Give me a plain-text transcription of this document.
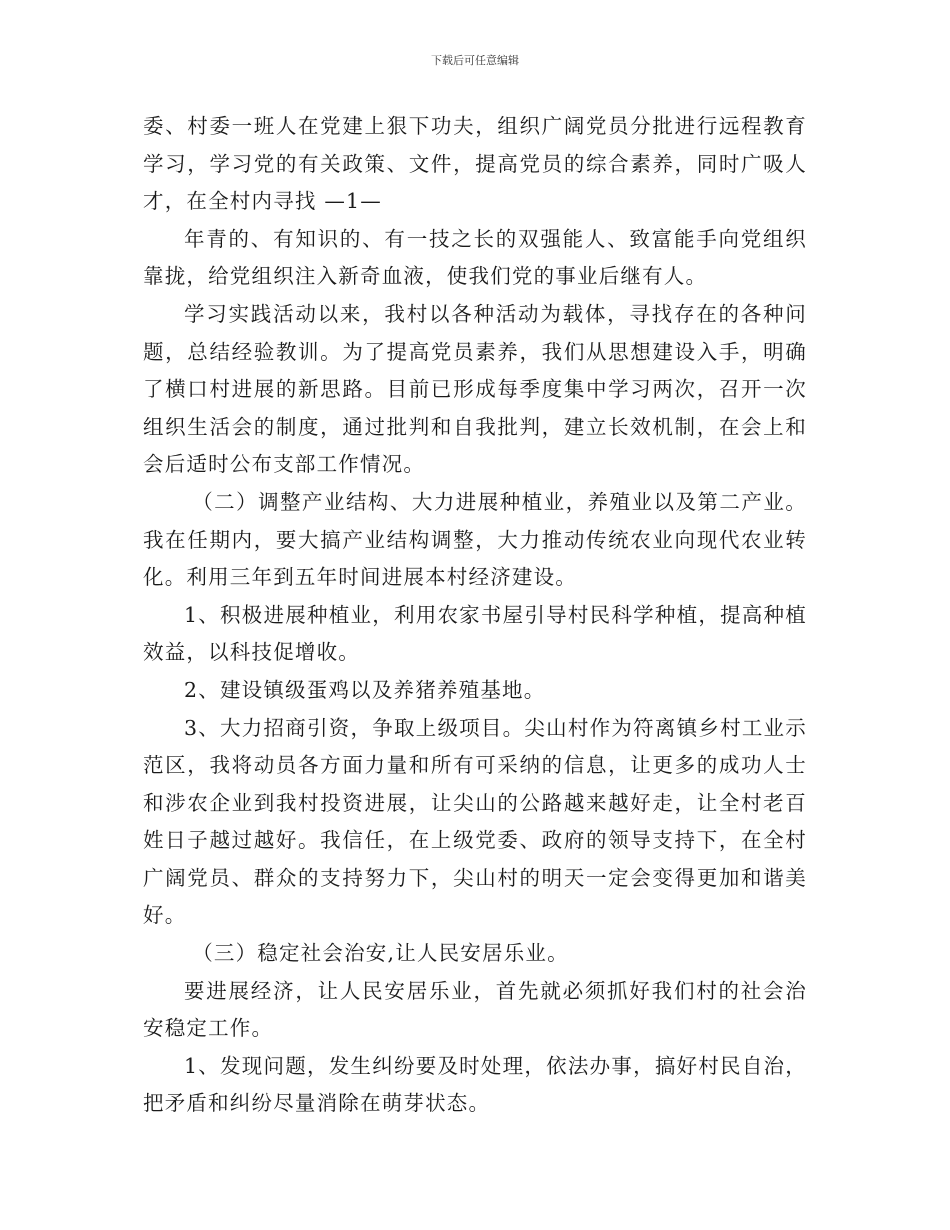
下载后可任意编辑

委、村委一班人在党建上狠下功夫，组织广阔党员分批进行远程教育学习，学习党的有关政策、文件，提高党员的综合素养，同时广吸人才，在全村内寻找 —1—

年青的、有知识的、有一技之长的双强能人、致富能手向党组织靠拢，给党组织注入新奇血液，使我们党的事业后继有人。

学习实践活动以来，我村以各种活动为载体，寻找存在的各种问题，总结经验教训。为了提高党员素养，我们从思想建设入手，明确了横口村进展的新思路。目前已形成每季度集中学习两次，召开一次组织生活会的制度，通过批判和自我批判，建立长效机制，在会上和会后适时公布支部工作情况。

（二）调整产业结构、大力进展种植业，养殖业以及第二产业。我在任期内，要大搞产业结构调整，大力推动传统农业向现代农业转化。利用三年到五年时间进展本村经济建设。

1、积极进展种植业，利用农家书屋引导村民科学种植，提高种植效益，以科技促增收。

2、建设镇级蛋鸡以及养猪养殖基地。

3、大力招商引资，争取上级项目。尖山村作为符离镇乡村工业示范区，我将动员各方面力量和所有可采纳的信息，让更多的成功人士和涉农企业到我村投资进展，让尖山的公路越来越好走，让全村老百姓日子越过越好。我信任，在上级党委、政府的领导支持下，在全村广阔党员、群众的支持努力下，尖山村的明天一定会变得更加和谐美好。

（三）稳定社会治安,让人民安居乐业。

要进展经济，让人民安居乐业，首先就必须抓好我们村的社会治安稳定工作。

1、发现问题，发生纠纷要及时处理，依法办事，搞好村民自治，把矛盾和纠纷尽量消除在萌芽状态。
